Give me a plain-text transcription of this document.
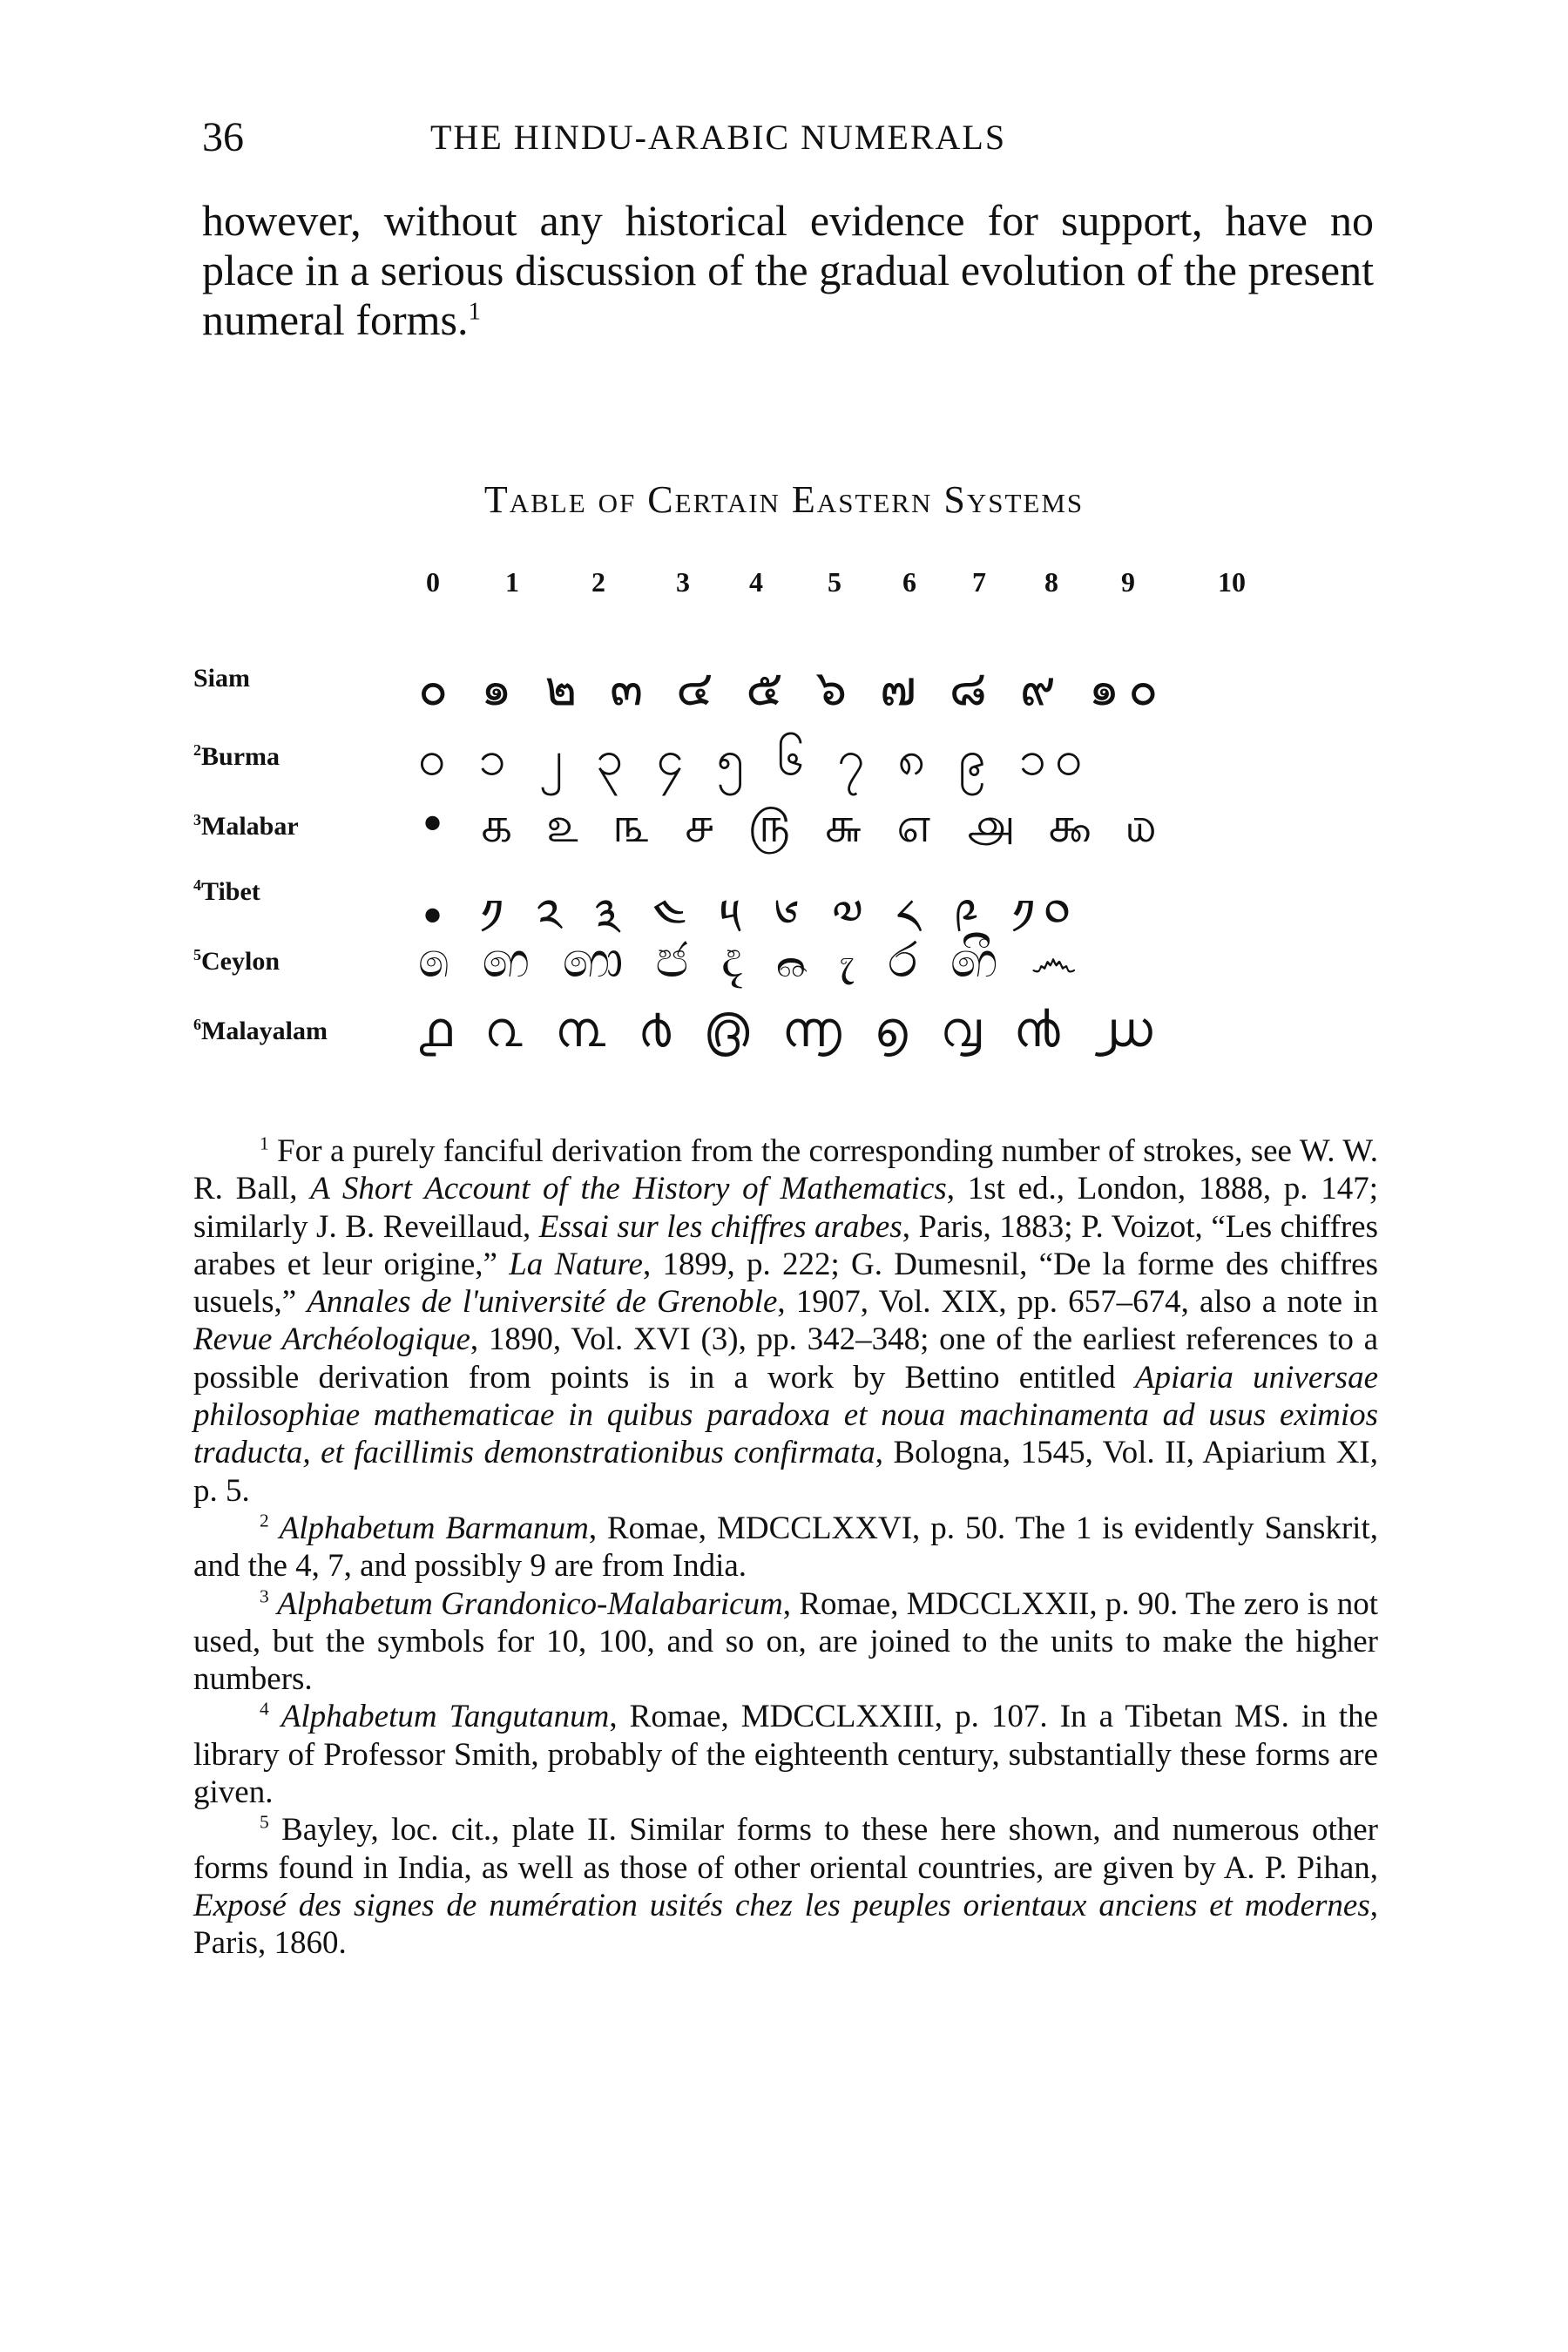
36	THE HINDU-ARABIC NUMERALS

however, without any historical evidence for support, have no place in a serious discussion of the gradual evolution of the present numeral forms.$^1$

Table of Certain Eastern Systems

0 1	2	3 4 5 6 7 8 9	10
Siam	๐ ๑ ๒ ๓ ๔ ๕ ๖ ๗ ๘ ๙ ๑๐
$^2$Burma	၀ ၁ ၂ ၃ ၄ ၅ ၆ ၇ ၈ ၉ ၁၀
$^3$Malabar • ௧ ௨ ௩ ௪ ௫ ௬ ௭ ௮ ௯ ௰
$^4$Tibet	• ༡ ༢ ༣ ༤ ༥ ༦ ༧ ༨ ༩ ༡༠
$^5$Ceylon	෧ ෨ ෩ ෪ ෫ ෬ ෭ ෮ ෯ ෴
$^6$Malayalam ൧ ൨ ൩ ൪ ൫ ൬ ൭ ൮ ൯ ൰

$^1$ For a purely fanciful derivation from the corresponding number of strokes, see W. W. R. Ball, A Short Account of the History of Mathematics, 1st ed., London, 1888, p. 147; similarly J. B. Reveillaud, Essai sur les chiffres arabes, Paris, 1883; P. Voizot, “Les chiffres arabes et leur origine,” La Nature, 1899, p. 222; G. Dumesnil, “De la forme des chiffres usuels,” Annales de l'université de Grenoble, 1907, Vol. XIX, pp. 657–674, also a note in Revue Archéologique, 1890, Vol. XVI (3), pp. 342–348; one of the earliest references to a possible derivation from points is in a work by Bettino entitled Apiaria universae philosophiae mathematicae in quibus paradoxa et noua machinamenta ad usus eximios traducta, et facillimis demonstrationibus confirmata, Bologna, 1545, Vol. II, Apiarium XI, p. 5.

$^2$ Alphabetum Barmanum, Romae, MDCCLXXVI, p. 50. The 1 is evidently Sanskrit, and the 4, 7, and possibly 9 are from India.

$^3$ Alphabetum Grandonico-Malabaricum, Romae, MDCCLXXII, p. 90. The zero is not used, but the symbols for 10, 100, and so on, are joined to the units to make the higher numbers.

$^4$ Alphabetum Tangutanum, Romae, MDCCLXXIII, p. 107. In a Tibetan MS. in the library of Professor Smith, probably of the eighteenth century, substantially these forms are given.

$^5$ Bayley, loc. cit., plate II. Similar forms to these here shown, and numerous other forms found in India, as well as those of other oriental countries, are given by A. P. Pihan, Exposé des signes de numération usités chez les peuples orientaux anciens et modernes, Paris, 1860.
